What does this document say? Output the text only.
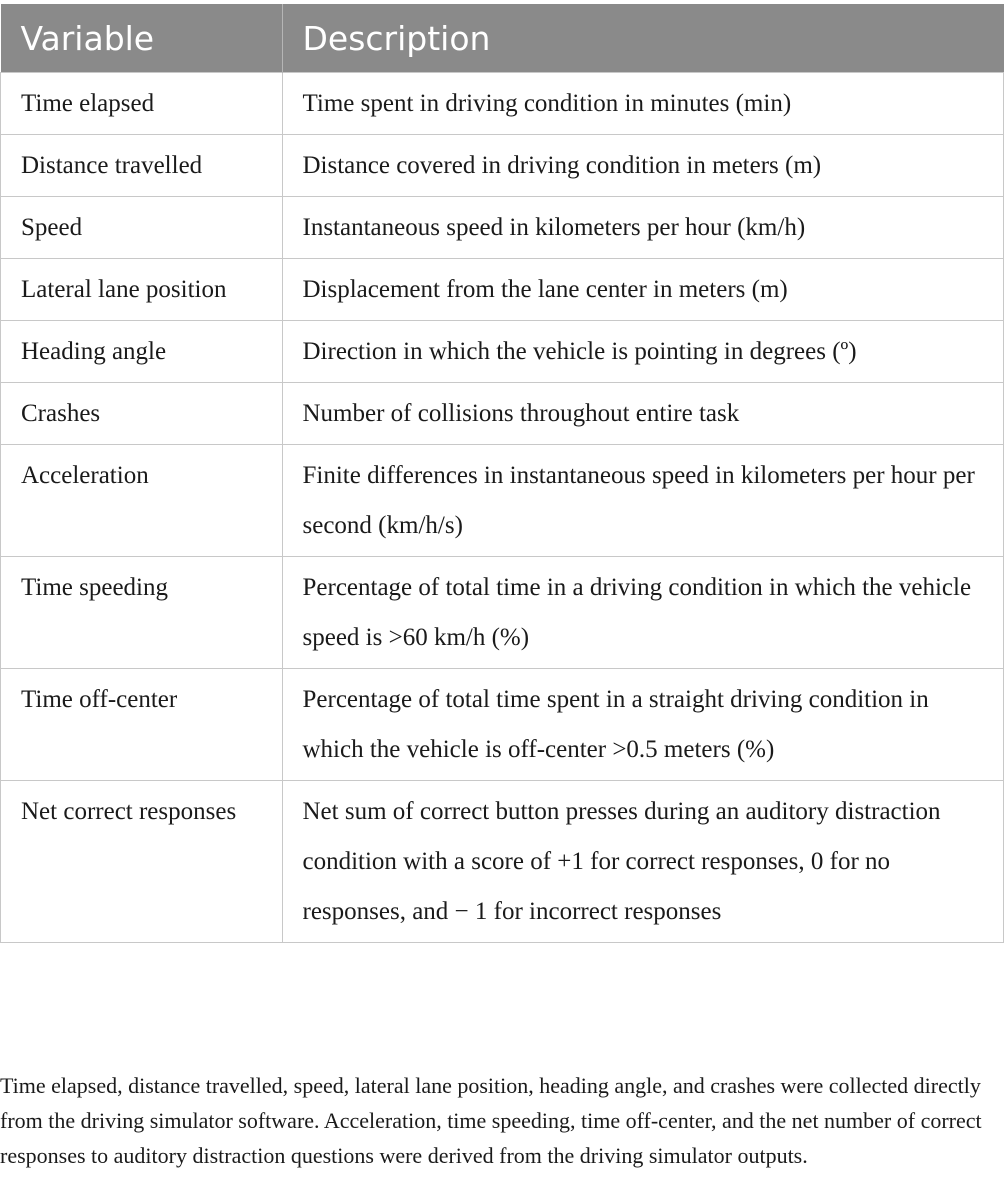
Variable	Description
Time elapsed	Time spent in driving condition in minutes (min)
Distance travelled	Distance covered in driving condition in meters (m)
Speed	Instantaneous speed in kilometers per hour (km/h)
Lateral lane position	Displacement from the lane center in meters (m)
Heading angle	Direction in which the vehicle is pointing in degrees (º)
Crashes	Number of collisions throughout entire task
Acceleration	Finite differences in instantaneous speed in kilometers per hour per second (km/h/s)
Time speeding	Percentage of total time in a driving condition in which the vehicle speed is >60 km/h (%)
Time off-center	Percentage of total time spent in a straight driving condition in which the vehicle is off-center >0.5 meters (%)
Net correct responses	Net sum of correct button presses during an auditory distraction condition with a score of +1 for correct responses, 0 for no responses, and − 1 for incorrect responses

Time elapsed, distance travelled, speed, lateral lane position, heading angle, and crashes were collected directly from the driving simulator software. Acceleration, time speeding, time off-center, and the net number of correct responses to auditory distraction questions were derived from the driving simulator outputs.
